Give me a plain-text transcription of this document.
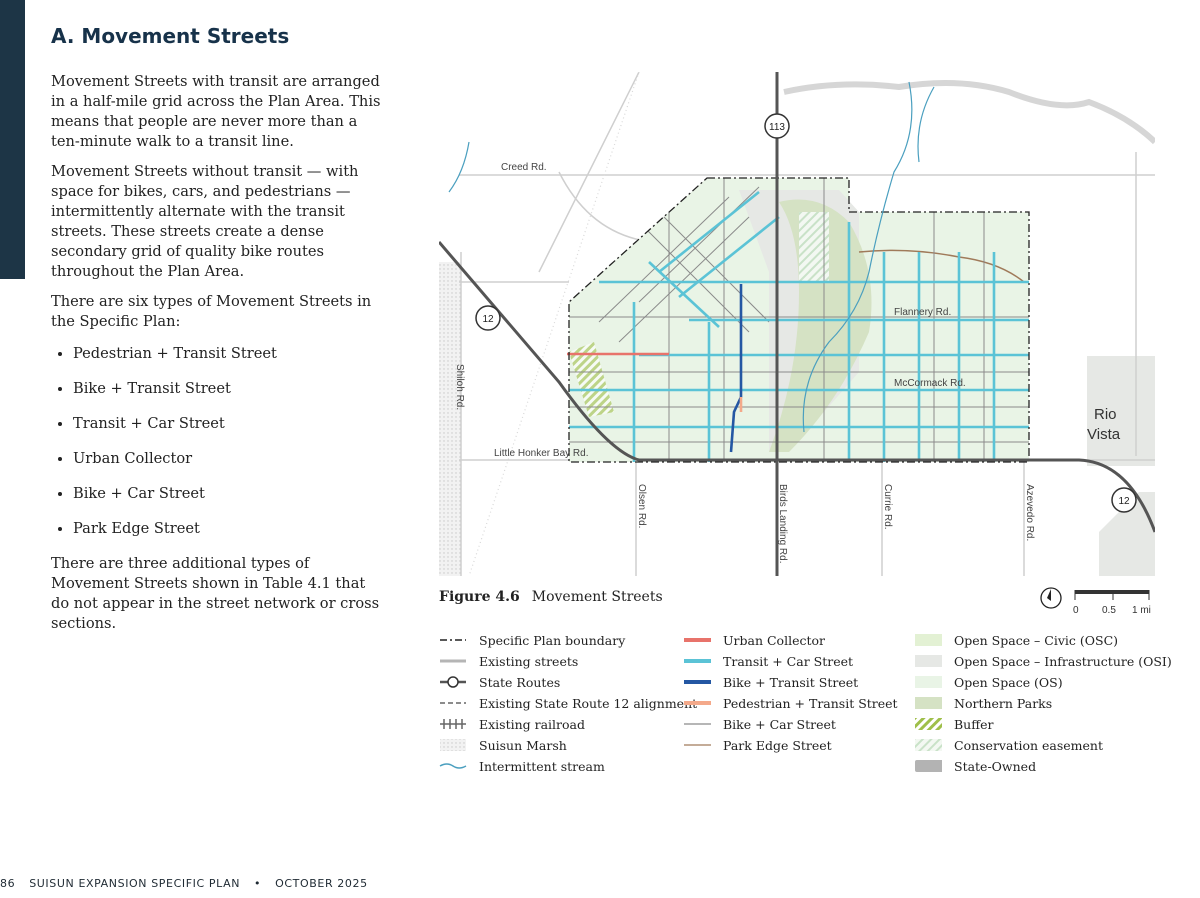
A. Movement Streets

Movement Streets with transit are arranged in a half-mile grid across the Plan Area. This means that people are never more than a ten-minute walk to a transit line.

Movement Streets without transit — with space for bikes, cars, and pedestrians — intermittently alternate with the transit streets. These streets create a dense secondary grid of quality bike routes throughout the Plan Area.

There are six types of Movement Streets in the Specific Plan:

• Pedestrian + Transit Street
• Bike + Transit Street
• Transit + Car Street
• Urban Collector
• Bike + Car Street
• Park Edge Street

There are three additional types of Movement Streets shown in Table 4.1 that do not appear in the street network or cross sections.

113
12
12
Creed Rd.
Flannery Rd.
McCormack Rd.
Little Honker Bay Rd.
Shiloh Rd.
Olsen Rd.	Birds Landing Rd.	Currie Rd.	Azevedo Rd.
Rio
Vista
Figure 4.6 Movement Streets
0 0.5 1 mi
Specific Plan boundary
Existing streets
State Routes
Existing State Route 12 alignment
Existing railroad
Suisun Marsh
Intermittent stream
Urban Collector
Transit + Car Street
Bike + Transit Street
Pedestrian + Transit Street
Bike + Car Street
Park Edge Street
Open Space – Civic (OSC)
Open Space – Infrastructure (OSI)
Open Space (OS)
Northern Parks
Buffer
Conservation easement
State-Owned
86 SUISUN EXPANSION SPECIFIC PLAN • OCTOBER 2025
